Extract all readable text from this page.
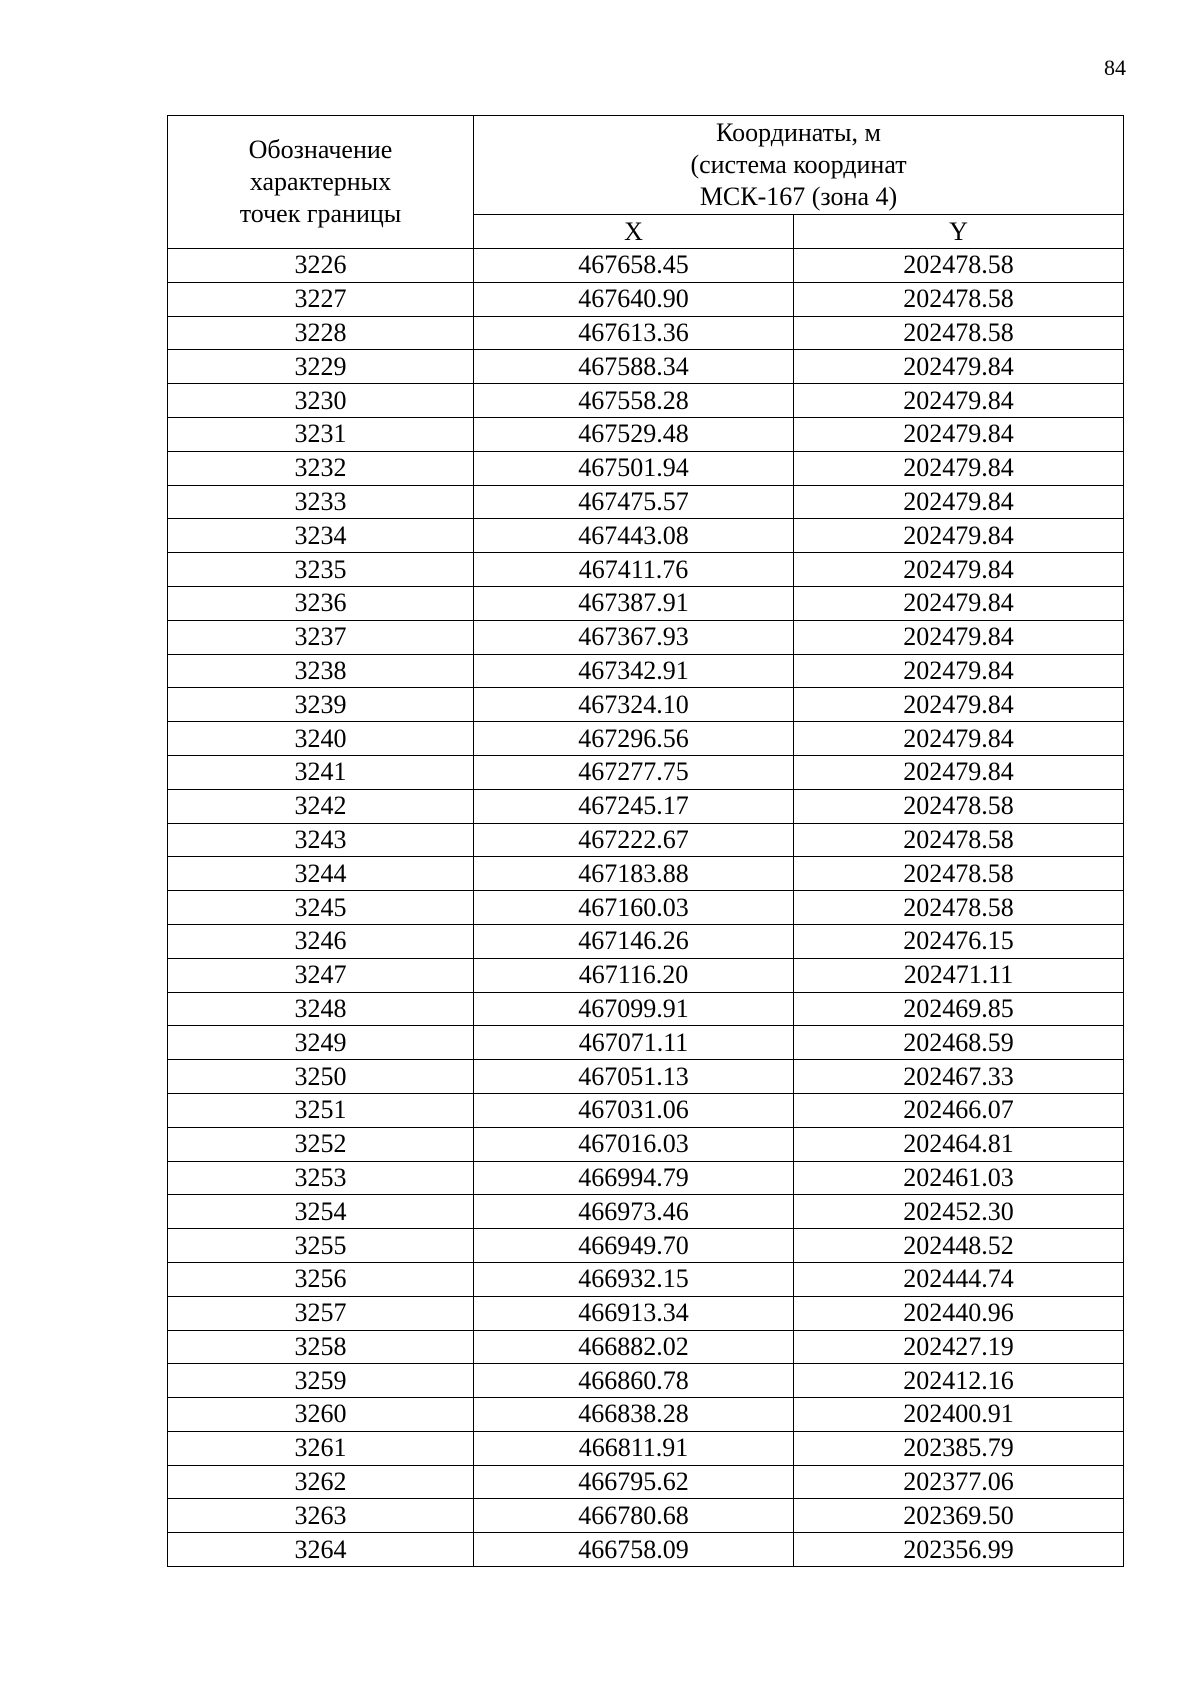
84
Обозначение
характерных
точек границы	Координаты, м
(система координат
МСК-167 (зона 4)	

	X	Y
3226	467658.45	202478.58
3227	467640.90	202478.58
3228	467613.36	202478.58
3229	467588.34	202479.84
3230	467558.28	202479.84
3231	467529.48	202479.84
3232	467501.94	202479.84
3233	467475.57	202479.84
3234	467443.08	202479.84
3235	467411.76	202479.84
3236	467387.91	202479.84
3237	467367.93	202479.84
3238	467342.91	202479.84
3239	467324.10	202479.84
3240	467296.56	202479.84
3241	467277.75	202479.84
3242	467245.17	202478.58
3243	467222.67	202478.58
3244	467183.88	202478.58
3245	467160.03	202478.58
3246	467146.26	202476.15
3247	467116.20	202471.11
3248	467099.91	202469.85
3249	467071.11	202468.59
3250	467051.13	202467.33
3251	467031.06	202466.07
3252	467016.03	202464.81
3253	466994.79	202461.03
3254	466973.46	202452.30
3255	466949.70	202448.52
3256	466932.15	202444.74
3257	466913.34	202440.96
3258	466882.02	202427.19
3259	466860.78	202412.16
3260	466838.28	202400.91
3261	466811.91	202385.79
3262	466795.62	202377.06
3263	466780.68	202369.50
3264	466758.09	202356.99
